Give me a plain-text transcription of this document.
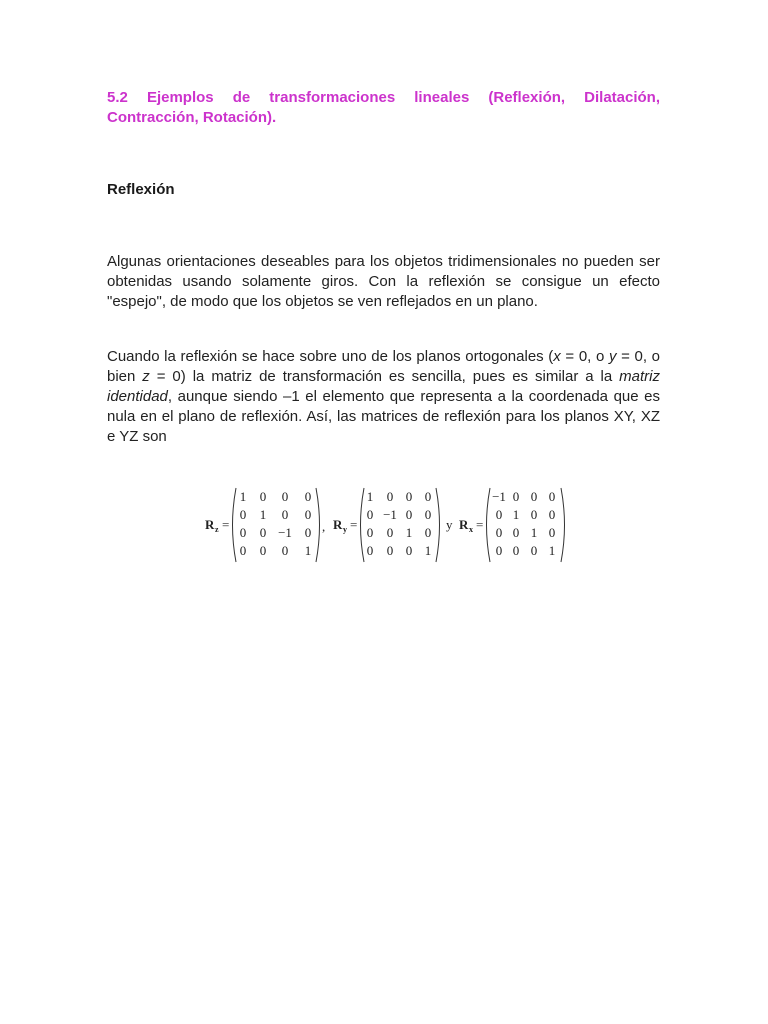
5.2 Ejemplos de transformaciones lineales (Reflexión, Dilatación, Contracción, Rotación).

Reflexión

Algunas orientaciones deseables para los objetos tridimensionales no pueden ser obtenidas usando solamente giros. Con la reflexión se consigue un efecto "espejo", de modo que los objetos se ven reflejados en un plano.

Cuando la reflexión se hace sobre uno de los planos ortogonales (x = 0, o y = 0, o bien z = 0) la matriz de transformación es sencilla, pues es similar a la matriz identidad, aunque siendo –1 el elemento que representa a la coordenada que es nula en el plano de reflexión. Así, las matrices de reflexión para los planos XY, XZ e YZ son

R z =
1 0 0 0
0 1 0 0
0 0 −1 0
0 0 0 1
, R y =
1 0 0 0
0 −1 0 0
0 0 1 0
0 0 0 1
y R x =
−1 0 0 0
0 1 0 0
0 0 1 0
0 0 0 1
